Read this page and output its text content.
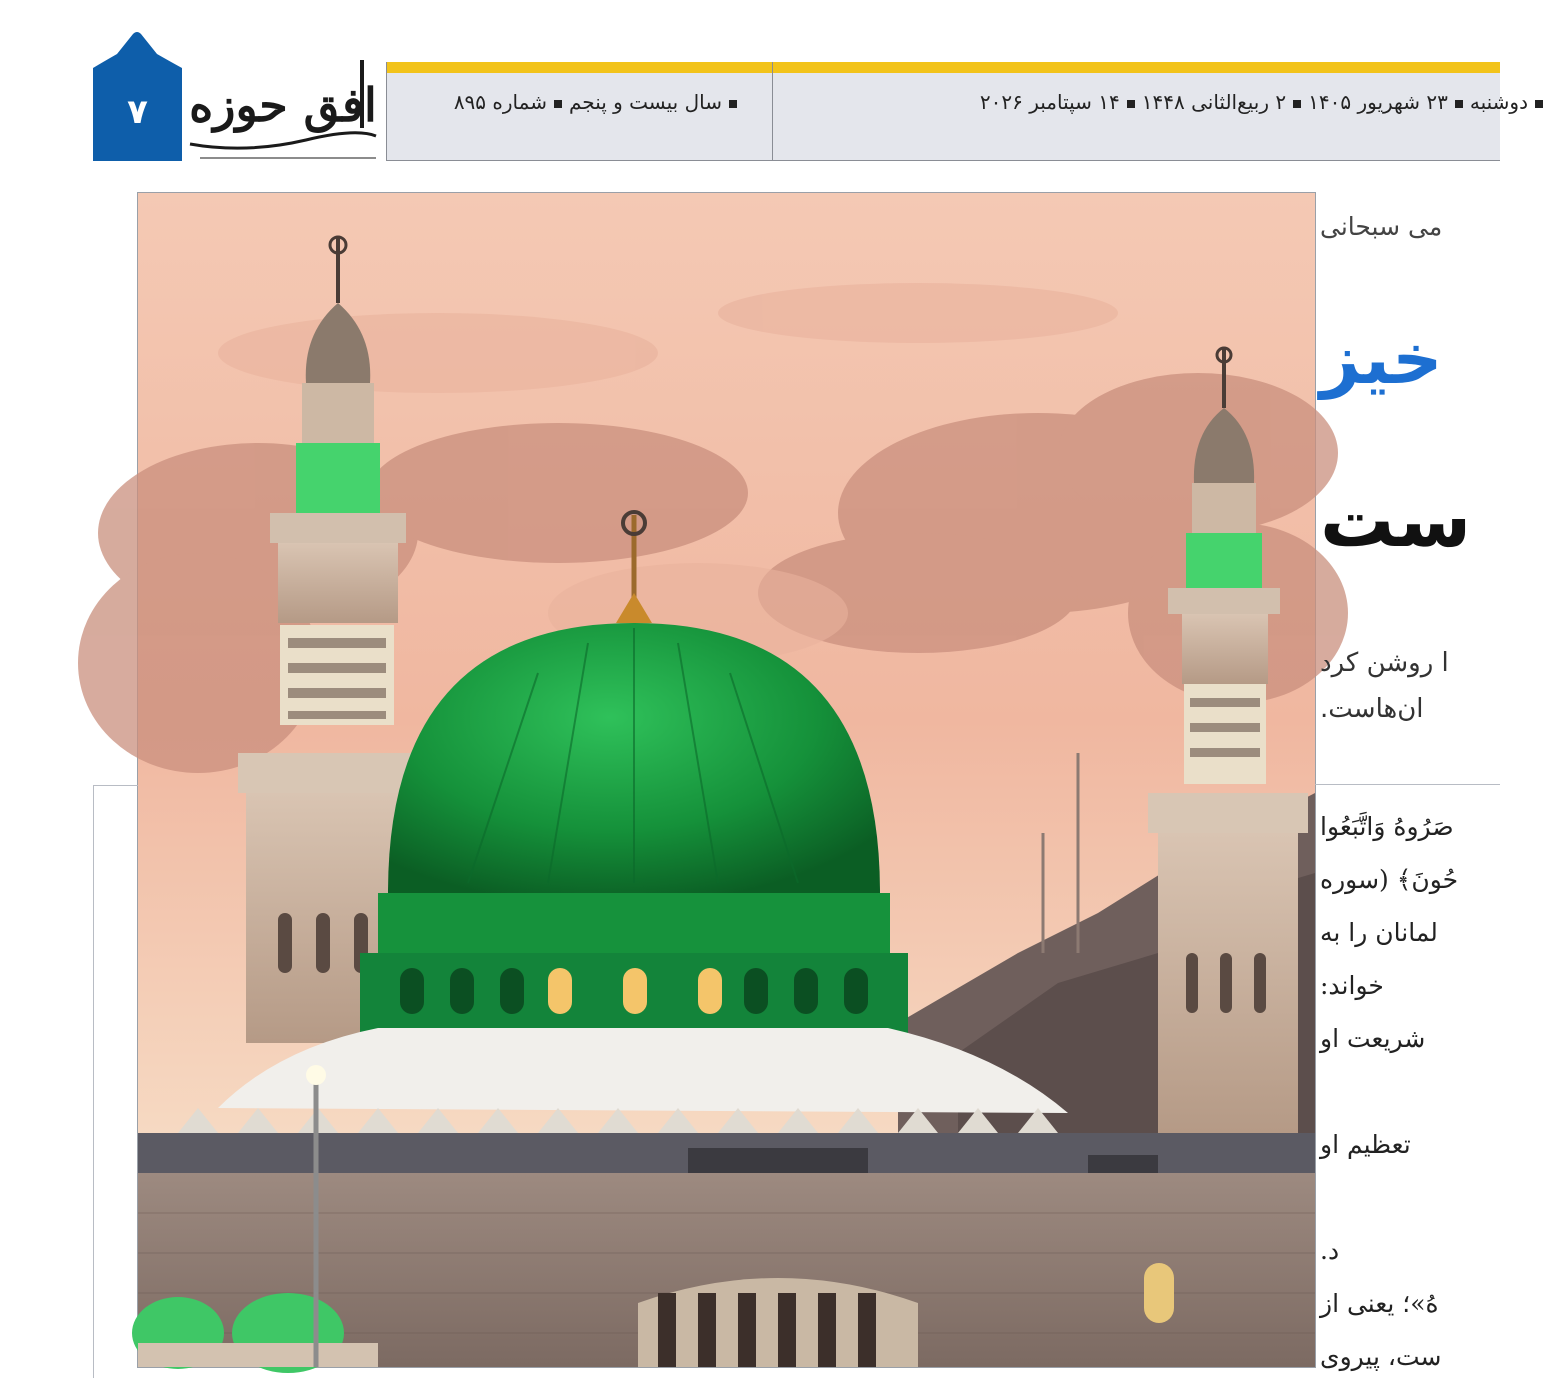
۷ افق حوزه	سال بیست و پنجمشماره ۸۹۵	دوشنبه۲۳ شهریور ۱۴۰۵۲ ربیع‌الثانی ۱۴۴۸۱۴ سپتامبر ۲۰۲۶
می سبحانی
خیز
ست
ا روشن کرد
ان‌هاست.
صَرُوهُ وَاتَّبَعُوا
حُونَ﴾ (سوره
لمانان را به
خواند:
شریعت او
تعظیم او
د.
هُ»؛ یعنی از
ست، پیروی
